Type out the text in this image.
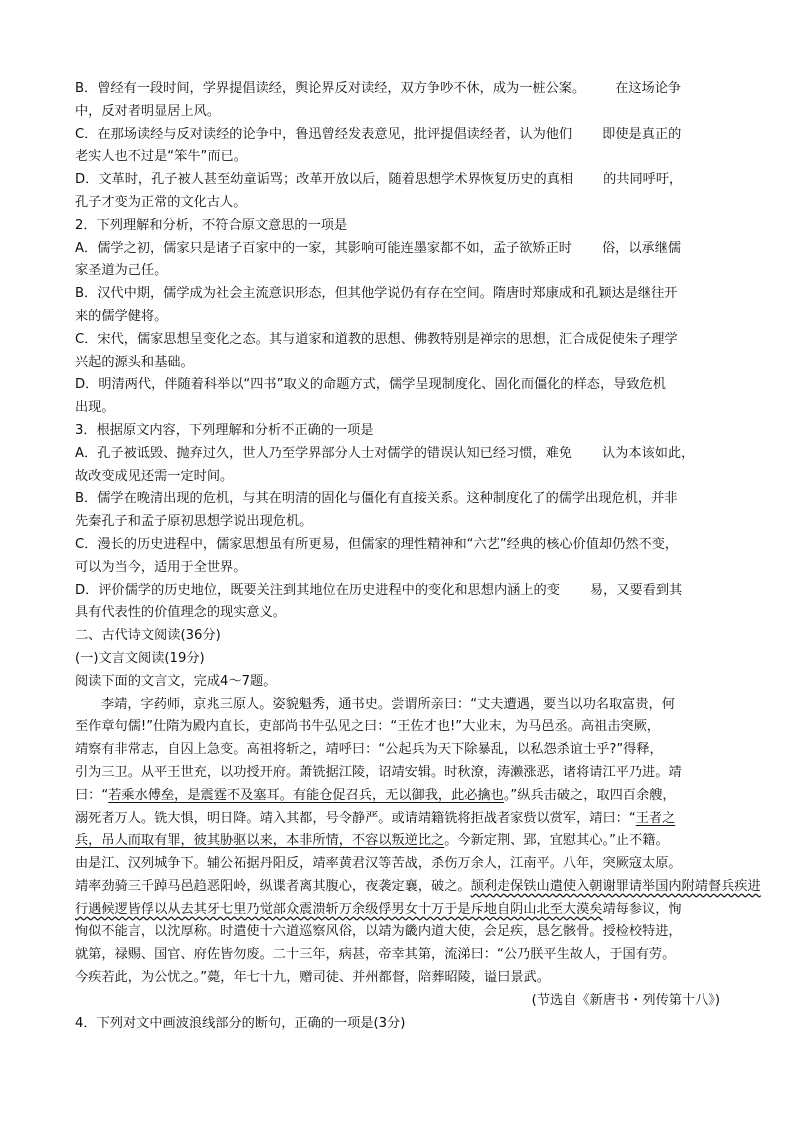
B．曾经有一段时间，学界提倡读经，舆论界反对读经，双方争吵不休，成为一桩公案。 在这场论争
中，反对者明显居上风。
C．在那场读经与反对读经的论争中，鲁迅曾经发表意见，批评提倡读经者，认为他们 即使是真正的
老实人也不过是“笨牛”而已。
D．文革时，孔子被人甚至幼童诟骂；改革开放以后，随着思想学术界恢复历史的真相 的共同呼吁，
孔子才变为正常的文化古人。
2．下列理解和分析，不符合原文意思的一项是
A．儒学之初，儒家只是诸子百家中的一家，其影响可能连墨家都不如，孟子欲矫正时 俗，以承继儒
家圣道为己任。
B．汉代中期，儒学成为社会主流意识形态，但其他学说仍有存在空间。隋唐时郑康成和孔颖达是继往开
来的儒学健将。
C．宋代，儒家思想呈变化之态。其与道家和道教的思想、佛教特别是禅宗的思想，汇合成促使朱子理学
兴起的源头和基础。
D．明清两代，伴随着科举以“四书”取义的命题方式，儒学呈现制度化、固化而僵化的样态，导致危机
出现。
3．根据原文内容，下列理解和分析不正确的一项是
A．孔子被诋毁、抛弃过久，世人乃至学界部分人士对儒学的错误认知已经习惯，难免 认为本该如此，
故改变成见还需一定时间。
B．儒学在晚清出现的危机，与其在明清的固化与僵化有直接关系。这种制度化了的儒学出现危机，并非
先秦孔子和孟子原初思想学说出现危机。
C．漫长的历史进程中，儒家思想虽有所更易，但儒家的理性精神和“六艺”经典的核心价值却仍然不变，
可以为当今，适用于全世界。
D．评价儒学的历史地位，既要关注到其地位在历史进程中的变化和思想内涵上的变 易，又要看到其
具有代表性的价值理念的现实意义。
二、古代诗文阅读(36分)
(一)文言文阅读(19分)
阅读下面的文言文，完成4～7题。
李靖，字药师，京兆三原人。姿貌魁秀，通书史。尝谓所亲曰：“丈夫遭遇，要当以功名取富贵，何
至作章句儒!”仕隋为殿内直长，吏部尚书牛弘见之曰：“王佐才也!”大业末，为马邑丞。高祖击突厥，
靖察有非常志，自囚上急变。高祖将斩之，靖呼曰：“公起兵为天下除暴乱，以私怨杀谊士乎?”得释，
引为三卫。从平王世充，以功授开府。萧铣据江陵，诏靖安辑。时秋潦，涛濑涨恶，诸将请江平乃进。靖
曰：“若乘水傅垒，是震霆不及塞耳。有能仓促召兵，无以御我，此必擒也。”纵兵击破之，取四百余艘，
溺死者万人。铣大惧，明日降。靖入其都，号令静严。或请靖籍铣将拒战者家赀以赏军，靖曰：“王者之
兵，吊人而取有罪，彼其胁驱以来，本非所情，不容以叛逆比之。今新定荆、郢，宜慰其心。”止不籍。
由是江、汉列城争下。辅公祏据丹阳反，靖率黄君汉等苦战，杀伤万余人，江南平。八年，突厥寇太原。
靖率劲骑三千踔马邑趋恶阳岭，纵谍者离其腹心，夜袭定襄，破之。颉利走保铁山遣使入朝谢罪请举国内附靖督兵疾进
行遇候逻皆俘以从去其牙七里乃觉部众震溃斩万余级俘男女十万于是斥地自阴山北至大漠矣靖每参议，恂
恂似不能言，以沈厚称。时遣使十六道巡察风俗，以靖为畿内道大使，会足疾，恳乞骸骨。授检校特进，
就第，禄赐、国官、府佐皆勿废。二十三年，病甚，帝幸其第，流涕曰：“公乃朕平生故人，于国有劳。
今疾若此，为公忧之。”薨，年七十九，赠司徒、并州都督，陪葬昭陵，谥曰景武。
(节选自《新唐书・列传第十八》)
4．下列对文中画波浪线部分的断句，正确的一项是(3分)
